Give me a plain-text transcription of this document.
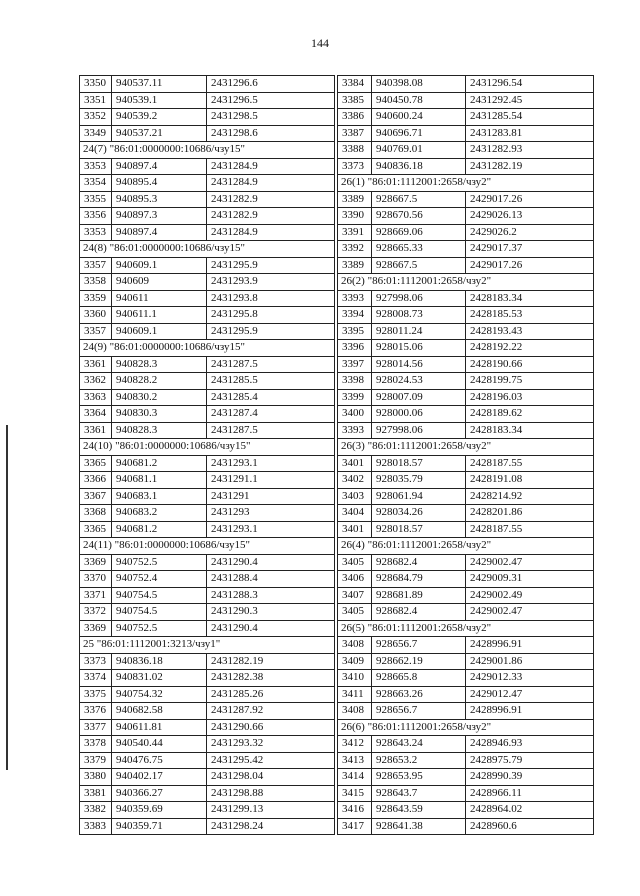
144
3350	940537.11	2431296.6
3351	940539.1	2431296.5
3352	940539.2	2431298.5
3349	940537.21	2431298.6
24(7) "86:01:0000000:10686/чзу15"		
3353	940897.4	2431284.9
3354	940895.4	2431284.9
3355	940895.3	2431282.9
3356	940897.3	2431282.9
3353	940897.4	2431284.9
24(8) "86:01:0000000:10686/чзу15"		
3357	940609.1	2431295.9
3358	940609	2431293.9
3359	940611	2431293.8
3360	940611.1	2431295.8
3357	940609.1	2431295.9
24(9) "86:01:0000000:10686/чзу15"		
3361	940828.3	2431287.5
3362	940828.2	2431285.5
3363	940830.2	2431285.4
3364	940830.3	2431287.4
3361	940828.3	2431287.5
24(10) "86:01:0000000:10686/чзу15"		
3365	940681.2	2431293.1
3366	940681.1	2431291.1
3367	940683.1	2431291
3368	940683.2	2431293
3365	940681.2	2431293.1
24(11) "86:01:0000000:10686/чзу15"		
3369	940752.5	2431290.4
3370	940752.4	2431288.4
3371	940754.5	2431288.3
3372	940754.5	2431290.3
3369	940752.5	2431290.4
25 "86:01:1112001:3213/чзу1"		
3373	940836.18	2431282.19
3374	940831.02	2431282.38
3375	940754.32	2431285.26
3376	940682.58	2431287.92
3377	940611.81	2431290.66
3378	940540.44	2431293.32
3379	940476.75	2431295.42
3380	940402.17	2431298.04
3381	940366.27	2431298.88
3382	940359.69	2431299.13
3383	940359.71	2431298.24
3384	940398.08	2431296.54
3385	940450.78	2431292.45
3386	940600.24	2431285.54
3387	940696.71	2431283.81
3388	940769.01	2431282.93
3373	940836.18	2431282.19
26(1) "86:01:1112001:2658/чзу2"		
3389	928667.5	2429017.26
3390	928670.56	2429026.13
3391	928669.06	2429026.2
3392	928665.33	2429017.37
3389	928667.5	2429017.26
26(2) "86:01:1112001:2658/чзу2"		
3393	927998.06	2428183.34
3394	928008.73	2428185.53
3395	928011.24	2428193.43
3396	928015.06	2428192.22
3397	928014.56	2428190.66
3398	928024.53	2428199.75
3399	928007.09	2428196.03
3400	928000.06	2428189.62
3393	927998.06	2428183.34
26(3) "86:01:1112001:2658/чзу2"		
3401	928018.57	2428187.55
3402	928035.79	2428191.08
3403	928061.94	2428214.92
3404	928034.26	2428201.86
3401	928018.57	2428187.55
26(4) "86:01:1112001:2658/чзу2"		
3405	928682.4	2429002.47
3406	928684.79	2429009.31
3407	928681.89	2429002.49
3405	928682.4	2429002.47
26(5) "86:01:1112001:2658/чзу2"		
3408	928656.7	2428996.91
3409	928662.19	2429001.86
3410	928665.8	2429012.33
3411	928663.26	2429012.47
3408	928656.7	2428996.91
26(6) "86:01:1112001:2658/чзу2"		
3412	928643.24	2428946.93
3413	928653.2	2428975.79
3414	928653.95	2428990.39
3415	928643.7	2428966.11
3416	928643.59	2428964.02
3417	928641.38	2428960.6
